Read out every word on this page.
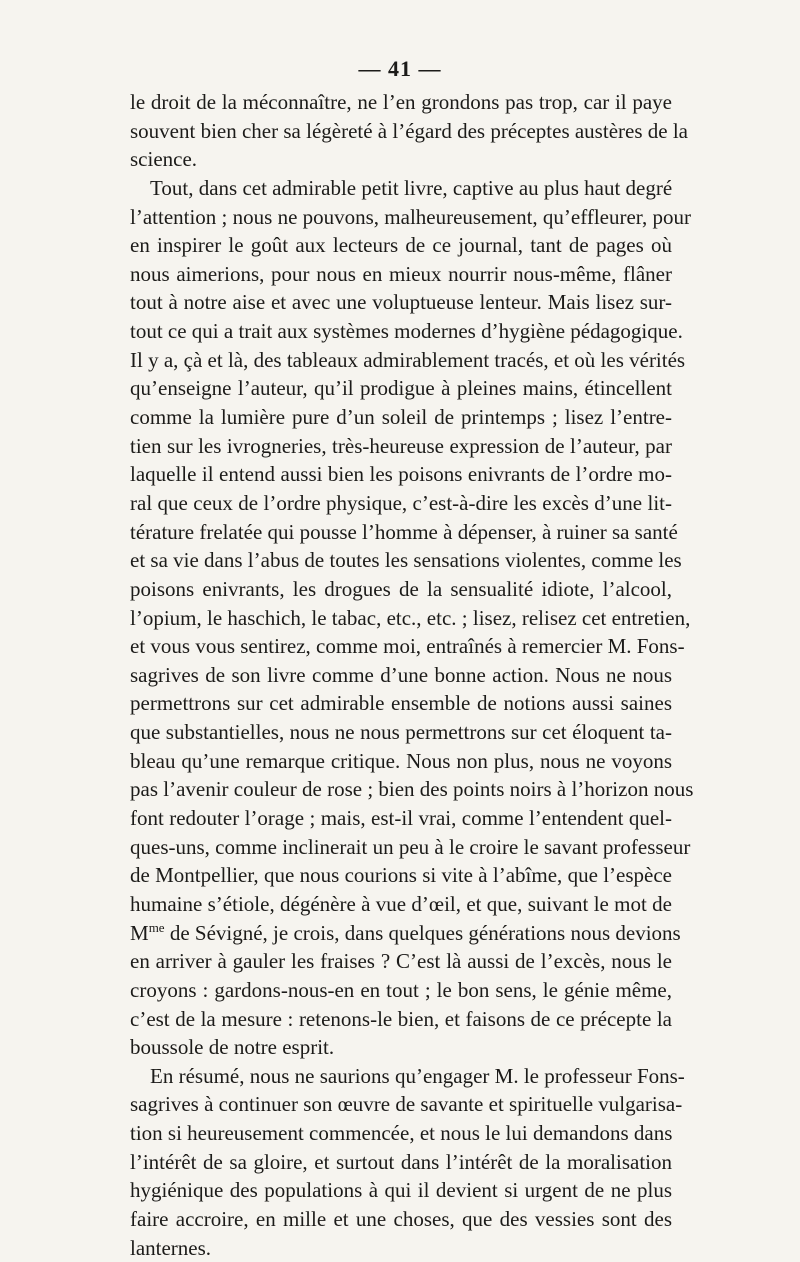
— 41 —
le droit de la méconnaître, ne l’en grondons pas trop, car il paye
souvent bien cher sa légèreté à l’égard des préceptes austères de la
science.
Tout, dans cet admirable petit livre, captive au plus haut degré
l’attention ; nous ne pouvons, malheureusement, qu’effleurer, pour
en inspirer le goût aux lecteurs de ce journal, tant de pages où
nous aimerions, pour nous en mieux nourrir nous-même, flâner
tout à notre aise et avec une voluptueuse lenteur. Mais lisez sur-
tout ce qui a trait aux systèmes modernes d’hygiène pédagogique.
Il y a, çà et là, des tableaux admirablement tracés, et où les vérités
qu’enseigne l’auteur, qu’il prodigue à pleines mains, étincellent
comme la lumière pure d’un soleil de printemps ; lisez l’entre-
tien sur les ivrogneries, très-heureuse expression de l’auteur, par
laquelle il entend aussi bien les poisons enivrants de l’ordre mo-
ral que ceux de l’ordre physique, c’est-à-dire les excès d’une lit-
térature frelatée qui pousse l’homme à dépenser, à ruiner sa santé
et sa vie dans l’abus de toutes les sensations violentes, comme les
poisons enivrants, les drogues de la sensualité idiote, l’alcool,
l’opium, le haschich, le tabac, etc., etc. ; lisez, relisez cet entretien,
et vous vous sentirez, comme moi, entraînés à remercier M. Fons-
sagrives de son livre comme d’une bonne action. Nous ne nous
permettrons sur cet admirable ensemble de notions aussi saines
que substantielles, nous ne nous permettrons sur cet éloquent ta-
bleau qu’une remarque critique. Nous non plus, nous ne voyons
pas l’avenir couleur de rose ; bien des points noirs à l’horizon nous
font redouter l’orage ; mais, est-il vrai, comme l’entendent quel-
ques-uns, comme inclinerait un peu à le croire le savant professeur
de Montpellier, que nous courions si vite à l’abîme, que l’espèce
humaine s’étiole, dégénère à vue d’œil, et que, suivant le mot de
$M^{me}$ de Sévigné, je crois, dans quelques générations nous devions
en arriver à gauler les fraises ? C’est là aussi de l’excès, nous le
croyons : gardons-nous-en en tout ; le bon sens, le génie même,
c’est de la mesure : retenons-le bien, et faisons de ce précepte la
boussole de notre esprit.
En résumé, nous ne saurions qu’engager M. le professeur Fons-
sagrives à continuer son œuvre de savante et spirituelle vulgarisa-
tion si heureusement commencée, et nous le lui demandons dans
l’intérêt de sa gloire, et surtout dans l’intérêt de la moralisation
hygiénique des populations à qui il devient si urgent de ne plus
faire accroire, en mille et une choses, que des vessies sont des
lanternes.
